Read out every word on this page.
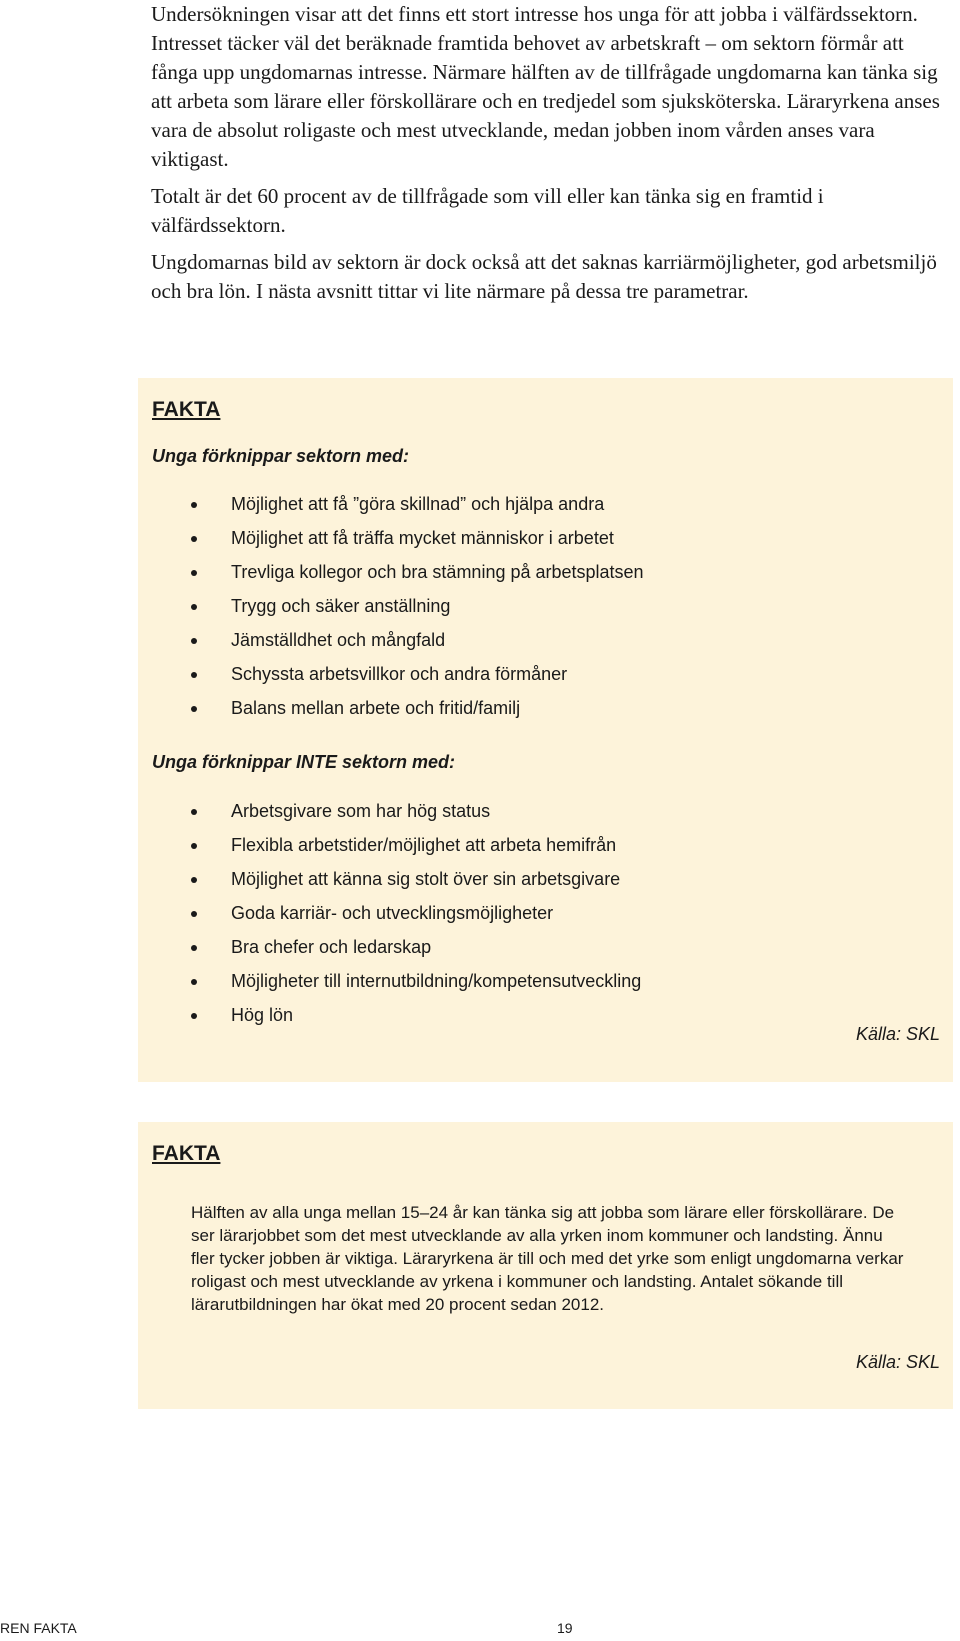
Undersökningen visar att det finns ett stort intresse hos unga för att jobba i välfärdssektorn. Intresset täcker väl det beräknade framtida behovet av arbetskraft – om sektorn förmår att fånga upp ungdomarnas intresse. Närmare hälften av de tillfrågade ungdomarna kan tänka sig att arbeta som lärare eller förskollärare och en tredjedel som sjuksköterska. Läraryrkena anses vara de absolut roligaste och mest utvecklande, medan jobben inom vården anses vara viktigast.

Totalt är det 60 procent av de tillfrågade som vill eller kan tänka sig en framtid i välfärdssektorn.

Ungdomarnas bild av sektorn är dock också att det saknas karriärmöjligheter, god arbetsmiljö och bra lön. I nästa avsnitt tittar vi lite närmare på dessa tre parametrar.

FAKTA
Unga förknippar sektorn med:
Möjlighet att få ”göra skillnad” och hjälpa andra
Möjlighet att få träffa mycket människor i arbetet
Trevliga kollegor och bra stämning på arbetsplatsen
Trygg och säker anställning
Jämställdhet och mångfald
Schyssta arbetsvillkor och andra förmåner
Balans mellan arbete och fritid/familj
Unga förknippar INTE sektorn med:
Arbetsgivare som har hög status
Flexibla arbetstider/möjlighet att arbeta hemifrån
Möjlighet att känna sig stolt över sin arbetsgivare
Goda karriär- och utvecklingsmöjligheter
Bra chefer och ledarskap
Möjligheter till internutbildning/kompetensutveckling
Hög lön
Källa: SKL
FAKTA

Hälften av alla unga mellan 15–24 år kan tänka sig att jobba som lärare eller förskollärare. De ser lärarjobbet som det mest utvecklande av alla yrken inom kommuner och landsting. Ännu fler tycker jobben är viktiga. Läraryrkena är till och med det yrke som enligt ungdomarna verkar roligast och mest utvecklande av yrkena i kommuner och landsting. Antalet sökande till lärarutbildningen har ökat med 20 procent sedan 2012.

Källa: SKL
REN FAKTA	19
